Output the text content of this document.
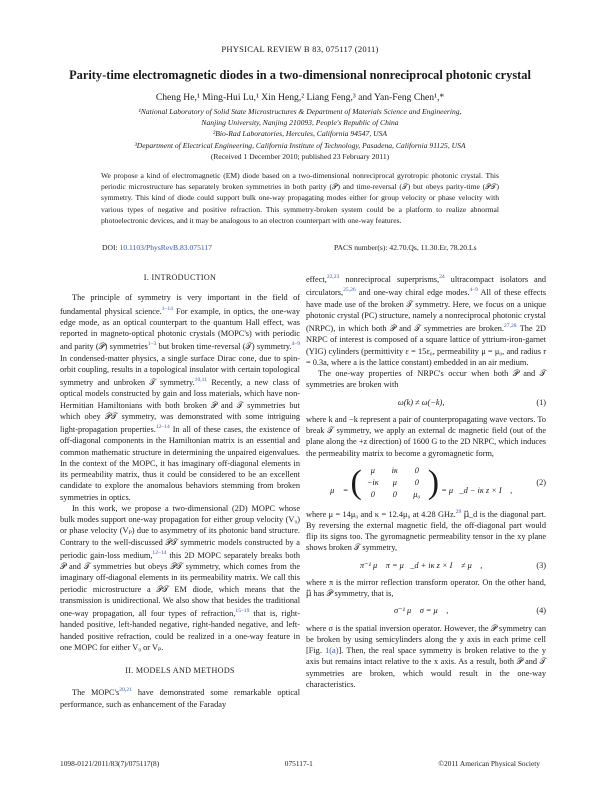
PHYSICAL REVIEW B 83, 075117 (2011)
Parity-time electromagnetic diodes in a two-dimensional nonreciprocal photonic crystal
Cheng He,¹ Ming-Hui Lu,¹ Xin Heng,² Liang Feng,³ and Yan-Feng Chen¹,*
¹National Laboratory of Solid State Microstructures & Department of Materials Science and Engineering,
Nanjing University, Nanjing 210093, People's Republic of China
²Bio-Rad Laboratories, Hercules, California 94547, USA
³Department of Electrical Engineering, California Institute of Technology, Pasadena, California 91125, USA
(Received 1 December 2010; published 23 February 2011)
We propose a kind of electromagnetic (EM) diode based on a two-dimensional nonreciprocal gyrotropic photonic crystal. This periodic microstructure has separately broken symmetries in both parity (𝒫) and time-reversal (𝒯) but obeys parity-time (𝒫𝒯) symmetry. This kind of diode could support bulk one-way propagating modes either for group velocity or phase velocity with various types of negative and positive refraction. This symmetry-broken system could be a platform to realize abnormal photoelectronic devices, and it may be analogous to an electron counterpart with one-way features.
DOI: 10.1103/PhysRevB.83.075117	PACS number(s): 42.70.Qs, 11.30.Er, 78.20.Ls
I. INTRODUCTION

The principle of symmetry is very important in the field of fundamental physical science.$^{1-14}$ For example, in optics, the one-way edge mode, as an optical counterpart to the quantum Hall effect, was reported in magneto-optical photonic crystals (MOPC's) with periodic and parity (𝒫) symmetries$^{1-3}$ but broken time-reversal (𝒯) symmetry.$^{4-9}$ In condensed-matter physics, a single surface Dirac cone, due to spin-orbit coupling, results in a topological insulator with certain topological symmetry and unbroken 𝒯 symmetry.$^{10,11}$ Recently, a new class of optical models constructed by gain and loss materials, which have non-Hermitian Hamiltonians with both broken 𝒫 and 𝒯 symmetries but which obey 𝒫𝒯 symmetry, was demonstrated with some intriguing light-propagation properties.$^{12-14}$ In all of these cases, the existence of off-diagonal components in the Hamiltonian matrix is an essential and common mathematic structure in determining the unpaired eigenvalues. In the context of the MOPC, it has imaginary off-diagonal elements in its permeability matrix, thus it could be considered to be an excellent candidate to explore the anomalous behaviors stemming from broken symmetries in optics.

In this work, we propose a two-dimensional (2D) MOPC whose bulk modes support one-way propagation for either group velocity (V₉) or phase velocity (Vₚ) due to asymmetry of its photonic band structure. Contrary to the well-discussed 𝒫𝒯 symmetric models constructed by a periodic gain-loss medium,$^{12-14}$ this 2D MOPC separately breaks both 𝒫 and 𝒯 symmetries but obeys 𝒫𝒯 symmetry, which comes from the imaginary off-diagonal elements in its permeability matrix. We call this periodic microstructure a 𝒫𝒯 EM diode, which means that the transmission is unidirectional. We also show that besides the traditional one-way propagation, all four types of refraction,$^{15-19}$ that is, right-handed positive, left-handed negative, right-handed negative, and left-handed positive refraction, could be realized in a one-way feature in one MOPC for either V₉ or Vₚ.

II. MODELS AND METHODS

The $MOPC's^{20,21}$ have demonstrated some remarkable optical performance, such as enhancement of the Faraday

effect,$^{22,23}$ nonreciprocal superprisms,$^{24}$ ultracompact isolators and circulators,$^{25,26}$ and one-way chiral edge modes.$^{4-9}$ All of these effects have made use of the broken 𝒯 symmetry. Here, we focus on a unique photonic crystal (PC) structure, namely a nonreciprocal photonic crystal (NRPC), in which both 𝒫 and 𝒯 symmetries are broken.$^{27,28}$ The 2D NRPC of interest is composed of a square lattice of yttrium-iron-garnet (YIG) cylinders (permittivity ε = 15ε₀, permeability μ = μ₀, and radius r = 0.3a, where a is the lattice constant) embedded in an air medium.

The one-way properties of NRPC's occur when both 𝒫 and 𝒯 symmetries are broken with

ω(k) ≠ ω(−k),	(1)

where k and −k represent a pair of counterpropagating wave vectors. To break 𝒯 symmetry, we apply an external dc magnetic field (out of the plane along the +z direction) of 1600 G to the 2D NRPC, which induces the permeability matrix to become a gyromagnetic form,

μ⃡ = (	μ	iκ	0
−iκ	μ	0
0	0	μ₀ ) = μ⃡_d − iκ z × I⃡ ,
(2)

where μ = 14μ₀ and κ = 12.4μ₀ at 4.28 GHz.$^{29}$ μ⃡_d is the diagonal part. By reversing the external magnetic field, the off-diagonal part would flip its signs too. The gyromagnetic permeability tensor in the xy plane shows broken 𝒯 symmetry,

π⁻¹ μ⃡ π = μ⃡_d + iκ z × I⃡ ≠ μ⃡ ,	(3)

where π is the mirror reflection transform operator. On the other hand, μ⃡ has 𝒫 symmetry, that is,

σ⁻¹ μ⃡ σ = μ⃡ ,	(4)

where σ is the spatial inversion operator. However, the 𝒫 symmetry can be broken by using semicylinders along the y axis in each prime cell [Fig. 1(a)]. Then, the real space symmetry is broken relative to the y axis but remains intact relative to the x axis. As a result, both 𝒫 and 𝒯 symmetries are broken, which would result in the one-way characteristics.

1098-0121/2011/83(7)/075117(8)	075117-1	©2011 American Physical Society
